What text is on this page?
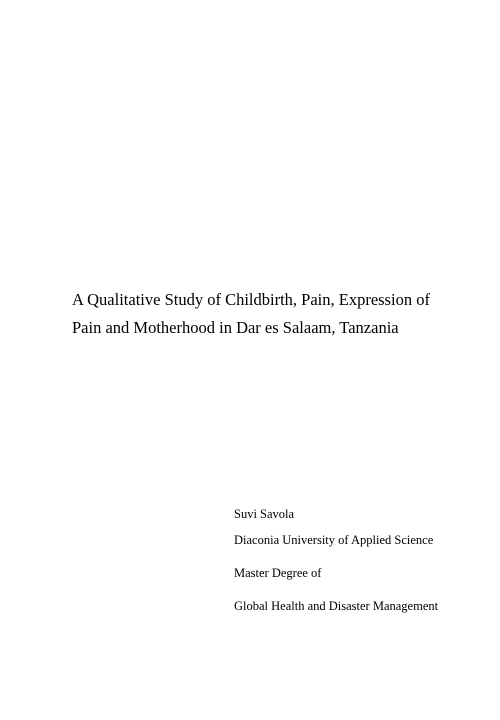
A Qualitative Study of Childbirth, Pain, Expression of

Pain and Motherhood in Dar es Salaam, Tanzania

Suvi Savola

Diaconia University of Applied Science

Master Degree of

Global Health and Disaster Management
